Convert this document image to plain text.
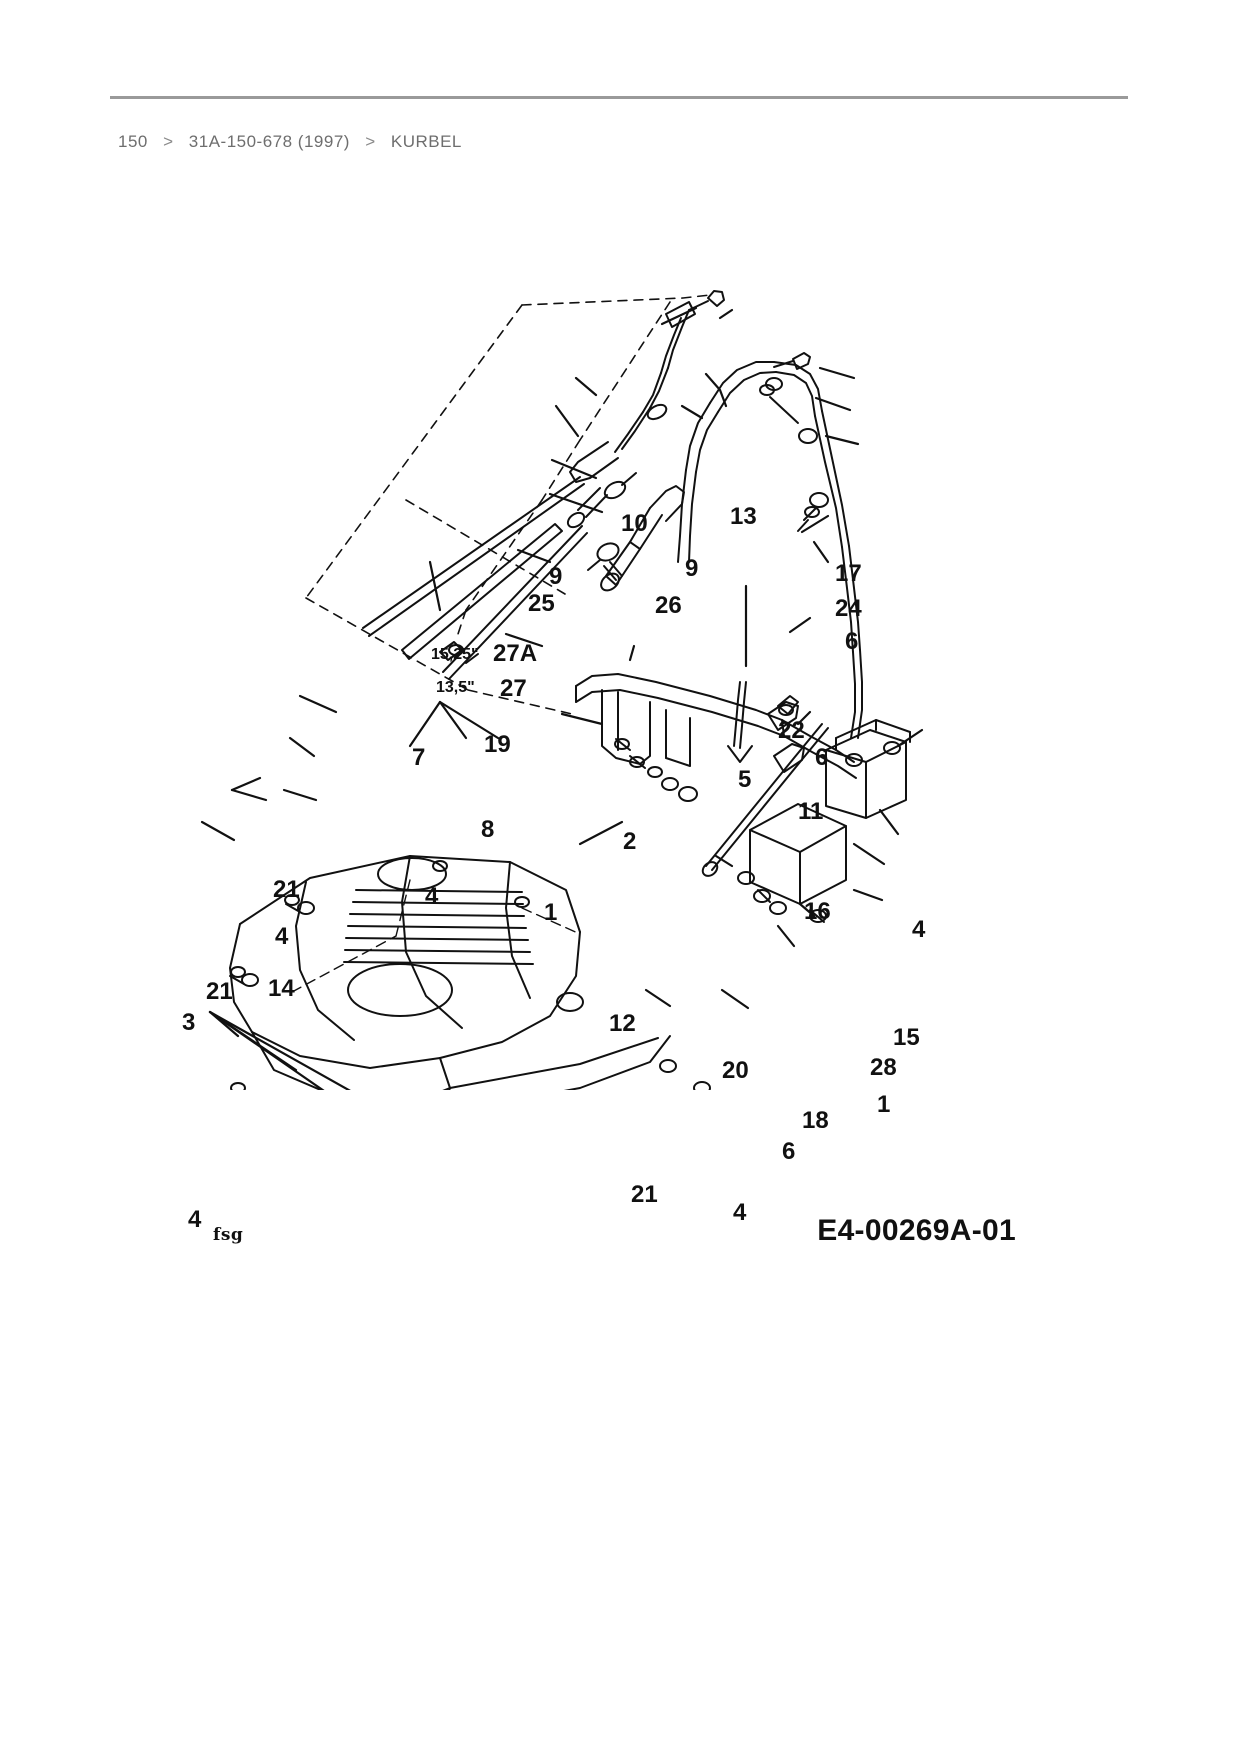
150 > 31A-150-678 (1997) > KURBEL
fsg	E4-00269A-01
10	13
9	9	17
25	26	24
6
27A
15,25"
27
13,5"
22
19	6
7
5
11
8	2
21	4
1	16
4
4
21 14
12
15
3
28
20
1
18
6
21
4	4
